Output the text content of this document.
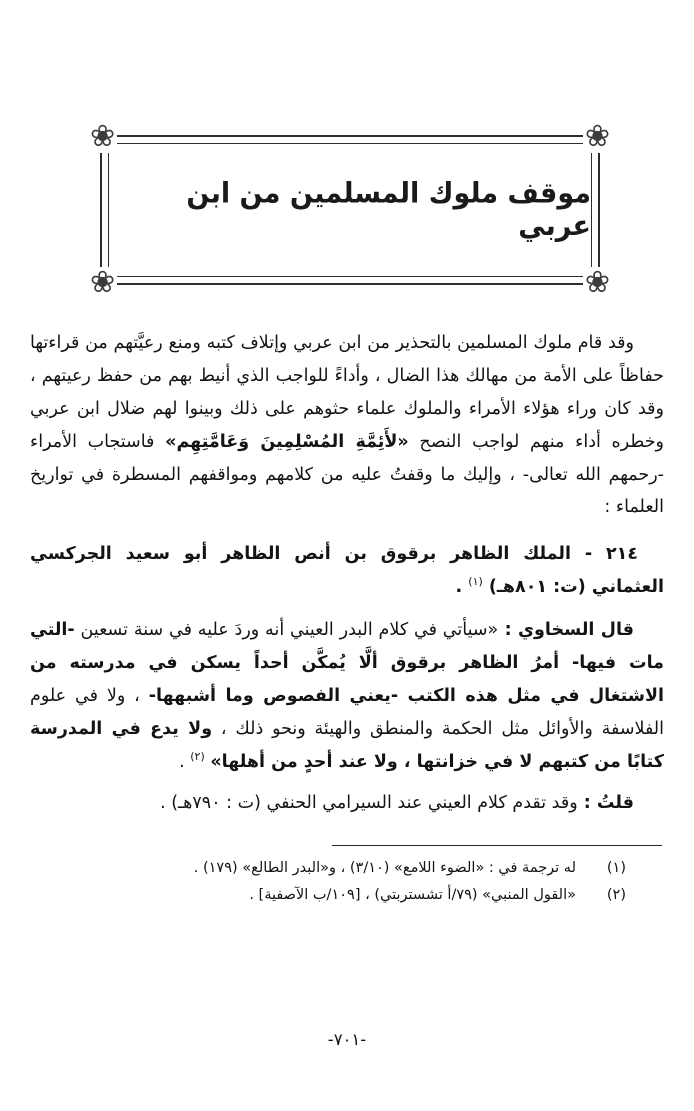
❀	❀
❀	❀
موقف ملوك المسلمين من ابن عربي

وقد قام ملوك المسلمين بالتحذير من ابن عربي وإتلاف كتبه ومنع رعيَّتهم من قراءتها حفاظاً على الأمة من مهالك هذا الضال ، وأداءً للواجب الذي أنيط بهم من حفظ رعيتهم ، وقد كان وراء هؤلاء الأمراء والملوك علماء حثوهم على ذلك وبينوا لهم ضلال ابن عربي وخطره أداء منهم لواجب النصح «لأَئِمَّةِ المُسْلِمِينَ وَعَامَّتِهِم» فاستجاب الأمراء -رحمهم الله تعالى- ، وإليك ما وقفتُ عليه من كلامهم ومواقفهم المسطرة في تواريخ العلماء :

٢١٤ - الملك الظاهر برقوق بن أنص الظاهر أبو سعيد الجركسي العثماني (ت: ٨٠١هـ) $^{(١)}$ .

قال السخاوي : «سيأتي في كلام البدر العيني أنه وردَ عليه في سنة تسعين -التي مات فيها- أمرُ الظاهر برقوق ألَّا يُمكَّن أحداً يسكن في مدرسته من الاشتغال في مثل هذه الكتب -يعني الفصوص وما أشبهها- ، ولا في علوم الفلاسفة والأوائل مثل الحكمة والمنطق والهيئة ونحو ذلك ، ولا يدع في المدرسة كتابًا من كتبهم لا في خزانتها ، ولا عند أحدٍ من أهلها» $^{(٢)}$ .

قلتُ : وقد تقدم كلام العيني عند السيرامي الحنفي (ت : ٧٩٠هـ) .

(١)
له ترجمة في : «الضوء اللامع» (٣/١٠) ، و«البدر الطالع» (١٧٩) .
(٢)
«القول المنبي» (٧٩/أ تشستربتي) ، [١٠٩/ب الآصفية] .
-٧٠١-
